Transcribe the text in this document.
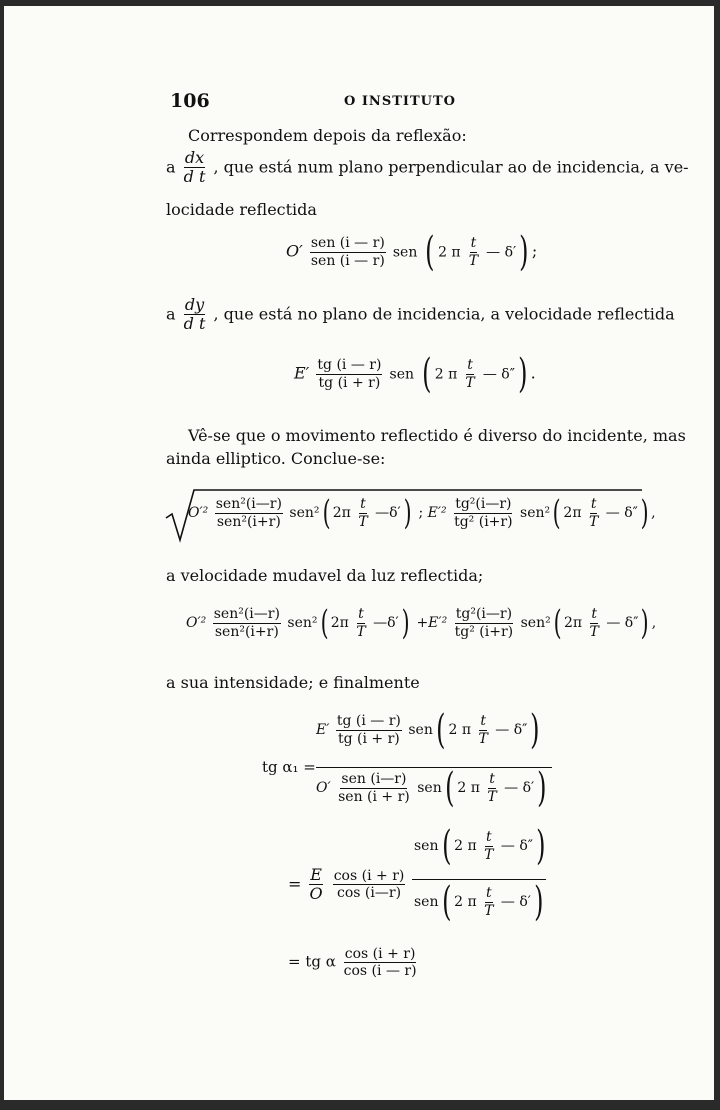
106	O INSTITUTO
Correspondem depois da reflexão:
a $\frac{dx}{\text{d t}}$ , que está num plano perpendicular ao de incidencia, a ve-
locidade reflectida
$O' \frac{\text{sen (i — r)}}{\text{sen (i — r)}}$ sen ( 2 π $\frac{t}{T}$ — δ′) ;
a $\frac{dy}{\text{d t}}$ , que está no plano de incidencia, a velocidade reflectida
$E' \frac{tg (i — r)}{tg (i + r)}$ sen ( 2 π $\frac{t}{T}$ — δ″) .
Vê-se que o movimento reflectido é diverso do incidente, mas
ainda elliptico. Conclue-se:
$O'^2 \frac{\text{sen²(i—r)}}{\text{sen²(i+r)}} sen^2$( $2\pi \frac{t}{T}$ —δ′) ; $E'^2 \frac{\text{tg²(i—r)}}{\text{tg² (i+r)}} sen^2$( $2\pi \frac{t}{T}$ — δ″) ,
a velocidade mudavel da luz reflectida;
$O'^2 \frac{\text{sen²(i—r)}}{\text{sen²(i+r)}} sen^2$( $2\pi \frac{t}{T}$ —δ′) $+E'^2 \frac{\text{tg²(i—r)}}{\text{tg² (i+r)}} sen^2$( $2\pi \frac{t}{T}$ — δ″) ,
a sua intensidade; e finalmente
tg α₁ =
$E' \frac{tg (i — r)}{tg (i + r)} sen$( 2 π $\frac{t}{T}$ — δ″)
$O' \frac{\text{sen (i—r)}}{\text{sen (i + r)}} sen$( 2 π $\frac{t}{T}$ — δ′)
= $\frac{E}{O}$
$\frac{\cos (i + r)}{\cos (i—r)}$
sen( 2 π $\frac{t}{T}$ — δ″)
sen( 2 π $\frac{t}{T}$ — δ′)
= tg α $\frac{\cos (i + r)}{\cos (i — r)}$
